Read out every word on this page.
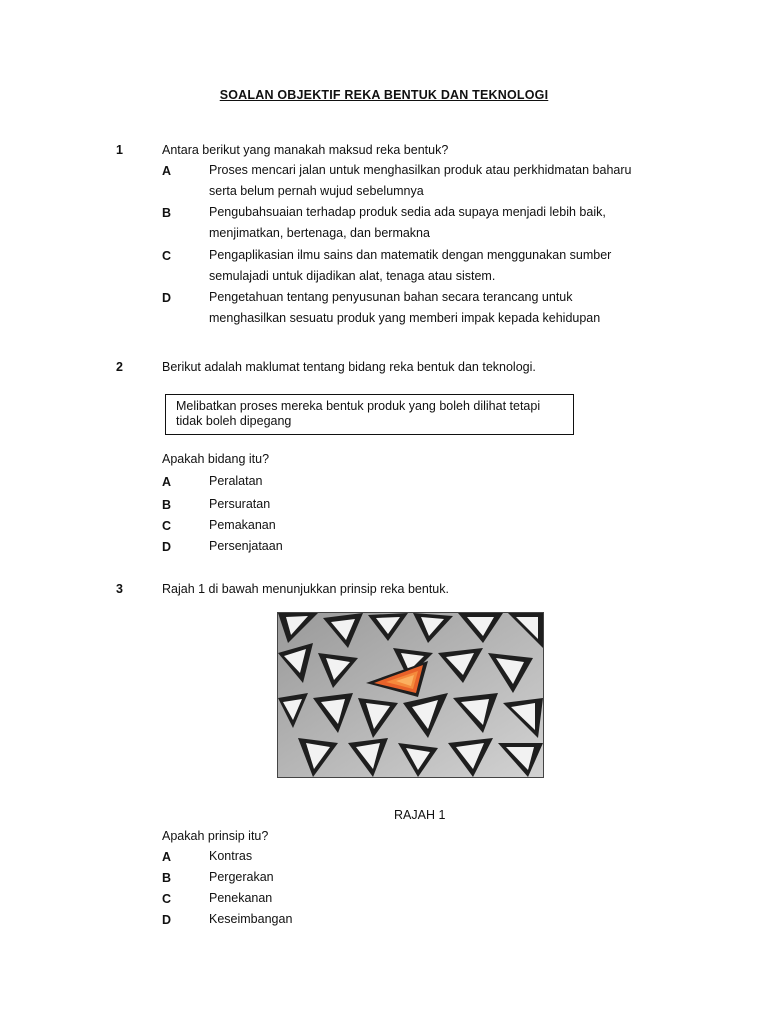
SOALAN OBJEKTIF REKA BENTUK DAN TEKNOLOGI
1	Antara berikut yang manakah maksud reka bentuk?
A	Proses mencari jalan untuk menghasilkan produk atau perkhidmatan baharu
serta belum pernah wujud sebelumnya
B	Pengubahsuaian terhadap produk sedia ada supaya menjadi lebih baik,
menjimatkan, bertenaga, dan bermakna
C	Pengaplikasian ilmu sains dan matematik dengan menggunakan sumber
semulajadi untuk dijadikan alat, tenaga atau sistem.
D	Pengetahuan tentang penyusunan bahan secara terancang untuk
menghasilkan sesuatu produk yang memberi impak kepada kehidupan
2	Berikut adalah maklumat tentang bidang reka bentuk dan teknologi.
Melibatkan proses mereka bentuk produk yang boleh dilihat tetapi
tidak boleh dipegang
Apakah bidang itu?
A	Peralatan
B	Persuratan
C	Pemakanan
D	Persenjataan
3	Rajah 1 di bawah menunjukkan prinsip reka bentuk.
RAJAH 1
Apakah prinsip itu?
A	Kontras
B	Pergerakan
C	Penekanan
D	Keseimbangan
